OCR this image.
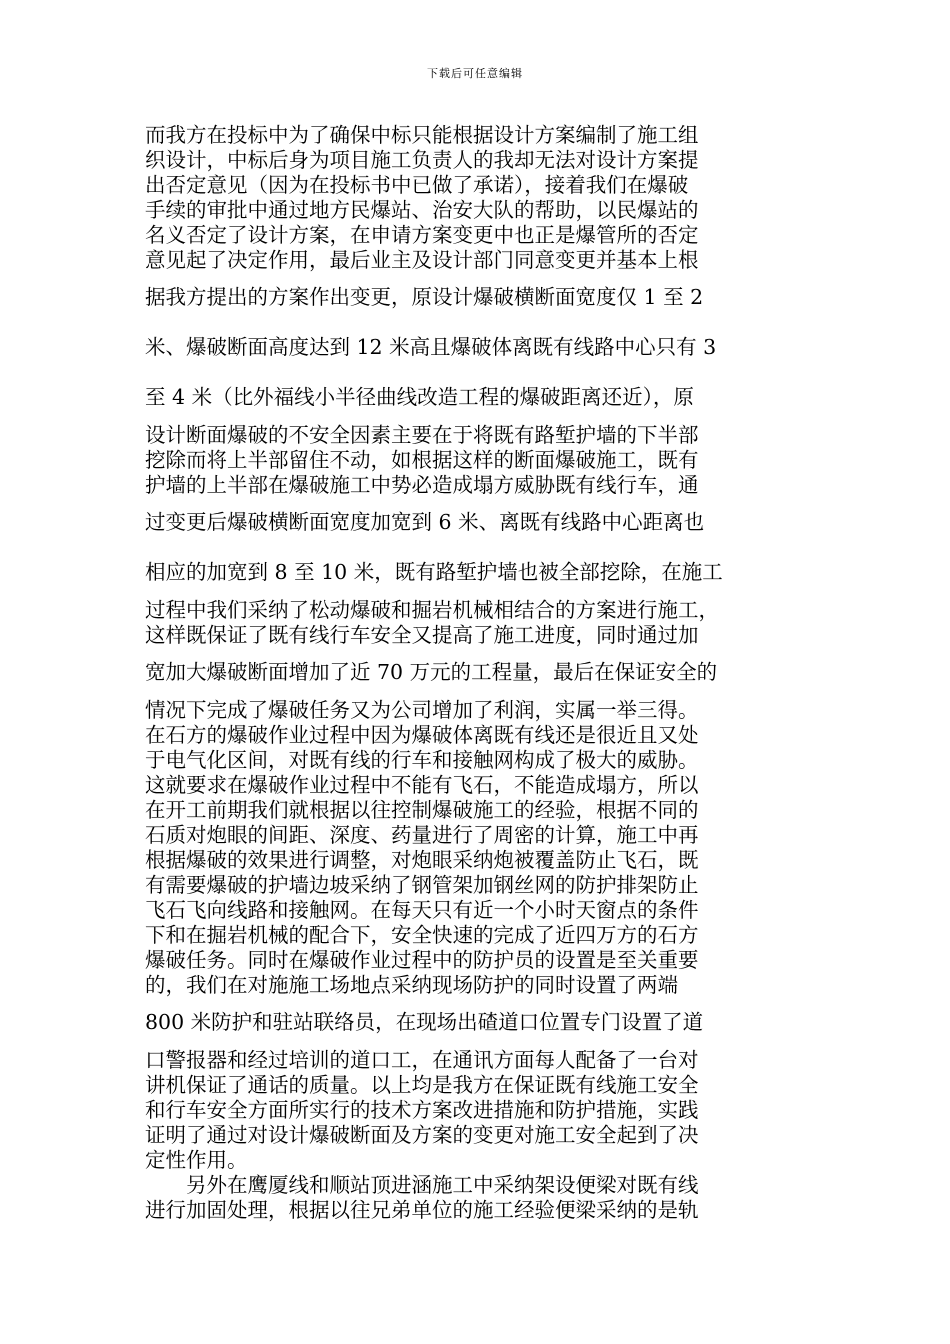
下载后可任意编辑
而我方在投标中为了确保中标只能根据设计方案编制了施工组
织设计，中标后身为项目施工负责人的我却无法对设计方案提
出否定意见（因为在投标书中已做了承诺），接着我们在爆破
手续的审批中通过地方民爆站、治安大队的帮助，以民爆站的
名义否定了设计方案，在申请方案变更中也正是爆管所的否定
意见起了决定作用，最后业主及设计部门同意变更并基本上根
据我方提出的方案作出变更，原设计爆破横断面宽度仅 1 至 2
米、爆破断面高度达到 12 米高且爆破体离既有线路中心只有 3
至 4 米（比外福线小半径曲线改造工程的爆破距离还近），原
设计断面爆破的不安全因素主要在于将既有路堑护墙的下半部
挖除而将上半部留住不动，如根据这样的断面爆破施工，既有
护墙的上半部在爆破施工中势必造成塌方威胁既有线行车，通
过变更后爆破横断面宽度加宽到 6 米、离既有线路中心距离也
相应的加宽到 8 至 10 米，既有路堑护墙也被全部挖除，在施工
过程中我们采纳了松动爆破和掘岩机械相结合的方案进行施工，
这样既保证了既有线行车安全又提高了施工进度，同时通过加
宽加大爆破断面增加了近 70 万元的工程量，最后在保证安全的
情况下完成了爆破任务又为公司增加了利润，实属一举三得。
在石方的爆破作业过程中因为爆破体离既有线还是很近且又处
于电气化区间，对既有线的行车和接触网构成了极大的威胁。
这就要求在爆破作业过程中不能有飞石，不能造成塌方，所以
在开工前期我们就根据以往控制爆破施工的经验，根据不同的
石质对炮眼的间距、深度、药量进行了周密的计算，施工中再
根据爆破的效果进行调整，对炮眼采纳炮被覆盖防止飞石，既
有需要爆破的护墙边坡采纳了钢管架加钢丝网的防护排架防止
飞石飞向线路和接触网。在每天只有近一个小时天窗点的条件
下和在掘岩机械的配合下，安全快速的完成了近四万方的石方
爆破任务。同时在爆破作业过程中的防护员的设置是至关重要
的，我们在对施施工场地点采纳现场防护的同时设置了两端
800 米防护和驻站联络员，在现场出碴道口位置专门设置了道
口警报器和经过培训的道口工，在通讯方面每人配备了一台对
讲机保证了通话的质量。以上均是我方在保证既有线施工安全
和行车安全方面所实行的技术方案改进措施和防护措施，实践
证明了通过对设计爆破断面及方案的变更对施工安全起到了决
定性作用。
另外在鹰厦线和顺站顶进涵施工中采纳架设便梁对既有线
进行加固处理，根据以往兄弟单位的施工经验便梁采纳的是轨
